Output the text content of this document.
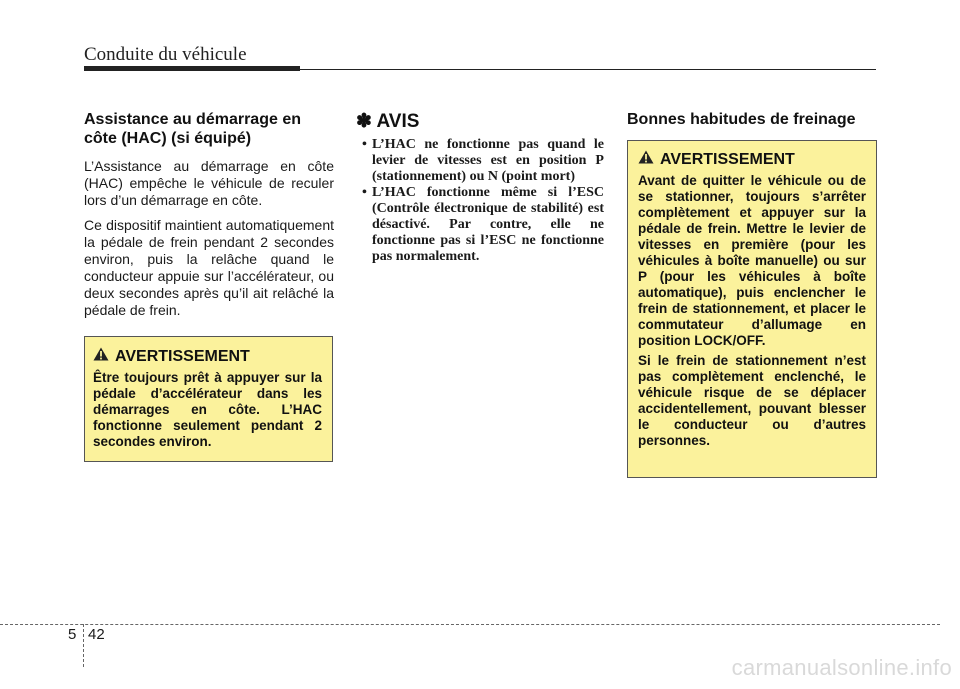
Conduite du véhicule
Assistance au démarrage en côte (HAC) (si équipé)

L’Assistance au démarrage en côte (HAC) empêche le véhicule de reculer lors d’un démarrage en côte.

Ce dispositif maintient automatiquement la pédale de frein pendant 2 secondes environ, puis la relâche quand le conducteur appuie sur l’accélérateur, ou deux secondes après qu’il ait relâché la pédale de frein.

AVERTISSEMENT

Être toujours prêt à appuyer sur la pédale d’accélérateur dans les démarrages en côte. L’HAC fonctionne seulement pendant 2 secondes environ.

✽ AVIS
• L’HAC ne fonctionne pas quand le levier de vitesses est en position P (stationnement) ou N (point mort)
• L’HAC fonctionne même si l’ESC (Contrôle électronique de stabilité) est désactivé. Par contre, elle ne fonctionne pas si l’ESC ne fonctionne pas normalement.
Bonnes habitudes de freinage
AVERTISSEMENT

Avant de quitter le véhicule ou de se stationner, toujours s’arrêter complètement et appuyer sur la pédale de frein. Mettre le levier de vitesses en première (pour les véhicules à boîte manuelle) ou sur P (pour les véhicules à boîte automatique), puis enclencher le frein de stationnement, et placer le commutateur d’allumage en position LOCK/OFF.

Si le frein de stationnement n’est pas complètement enclenché, le véhicule risque de se déplacer accidentellement, pouvant blesser le conducteur ou d’autres personnes.

5 42
carmanualsonline.info
